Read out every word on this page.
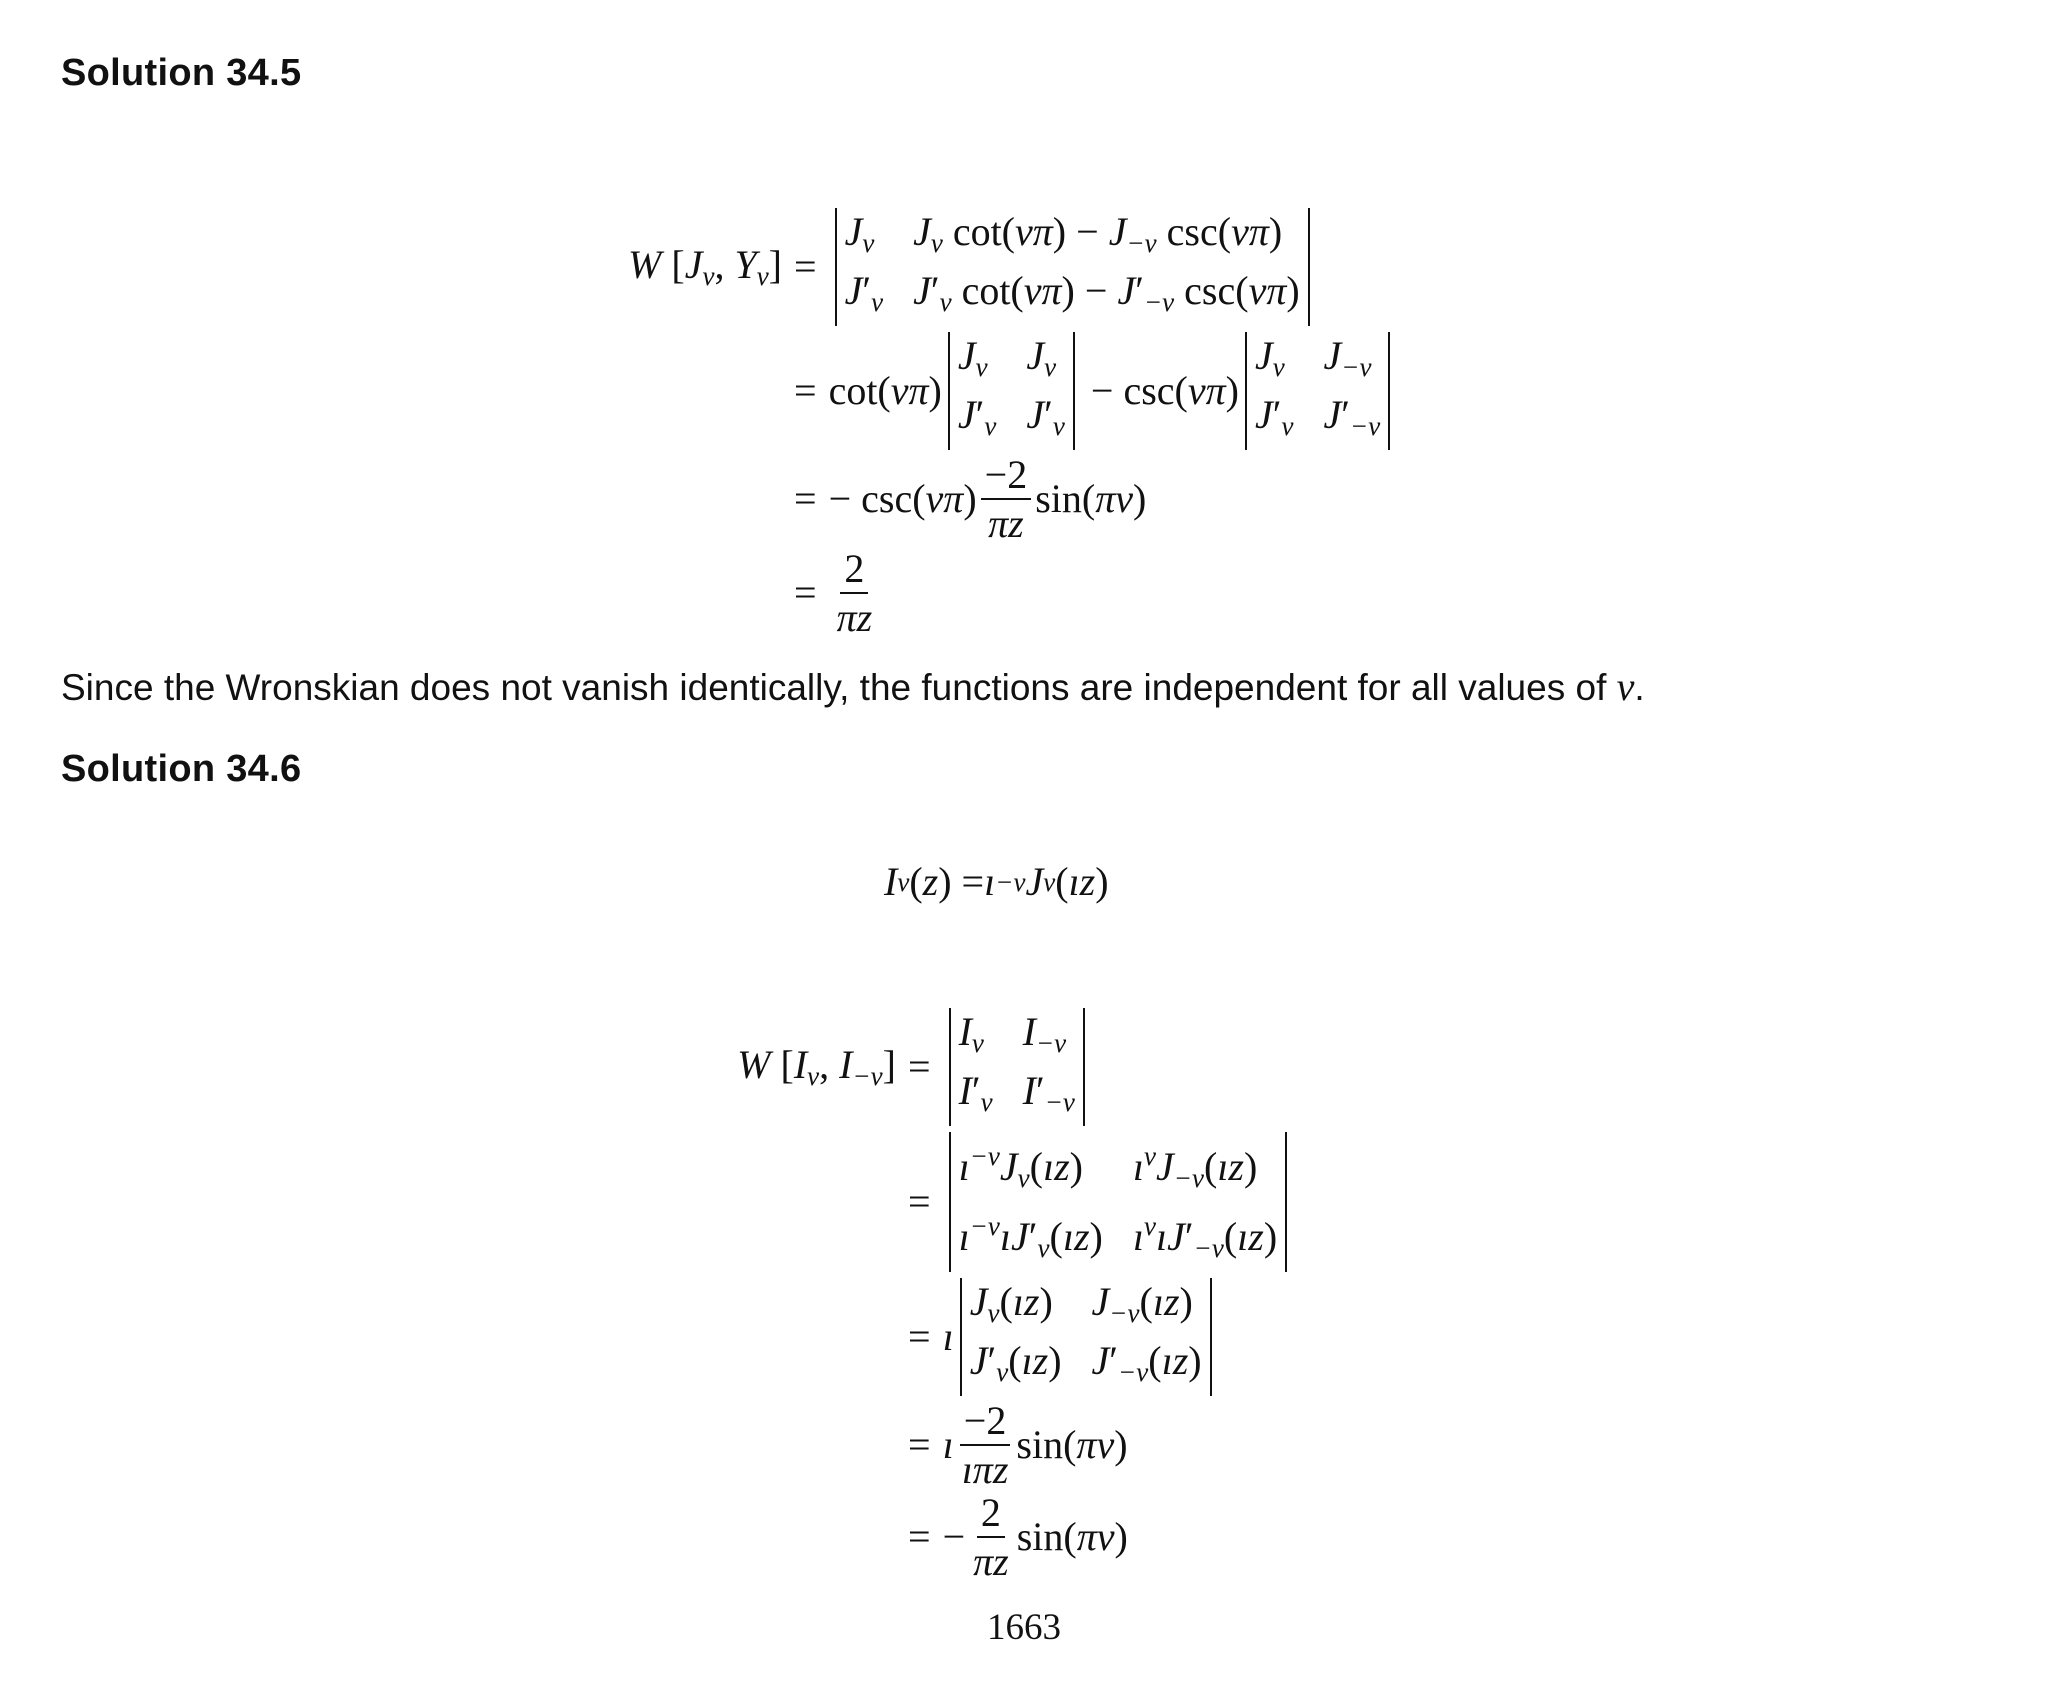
Solution 34.5
W [$J_\nu$, $Y_\nu$] =
$J_\nu$ $J_\nu$ $\cot(\nu\pi) - J_{-\nu}$ csc(νπ)
$J'_\nu$ $J'_\nu$ $\cot(\nu\pi) - J'_{-\nu}$ csc(νπ)
= cot( νπ )
$J_\nu$ $J_\nu$
$J'_\nu$ $J'_\nu$
− csc(νπ)
$J_\nu$ $J_{-\nu}$
$J'_\nu$ $J'_{-\nu}$
= − $\csc(\nu\pi) \frac{-2}{\pi z} \sin$( πν )
= $\frac{2}{\pi z}$

Since the Wronskian does not vanish identically, the functions are independent for all values of ν.

Solution 34.6
I ν ( z ) = ı −ν J ν ( ız )
W [$I_\nu$, $I_{-\nu}$] =
$I_\nu$ $I_{-\nu}$
$I'_\nu$ $I'_{-\nu}$
=
$ı^{-\nu}J_\nu(ız)$	$ı^\nu J_{-\nu}(ız)$
$ı^{-\nu}ıJ'_\nu(ız)$ $ı^\nu ıJ'_{-\nu}(ız)$
= ı
$J_\nu(ız)$ $J_{-\nu}(ız)$
$J'_\nu(ız)$ $J'_{-\nu}(ız)$
= ı $\frac{-2}{\text{ıπz}} \sin$( πν )
= − $\frac{2}{\pi z} \sin$( πν )
1663
